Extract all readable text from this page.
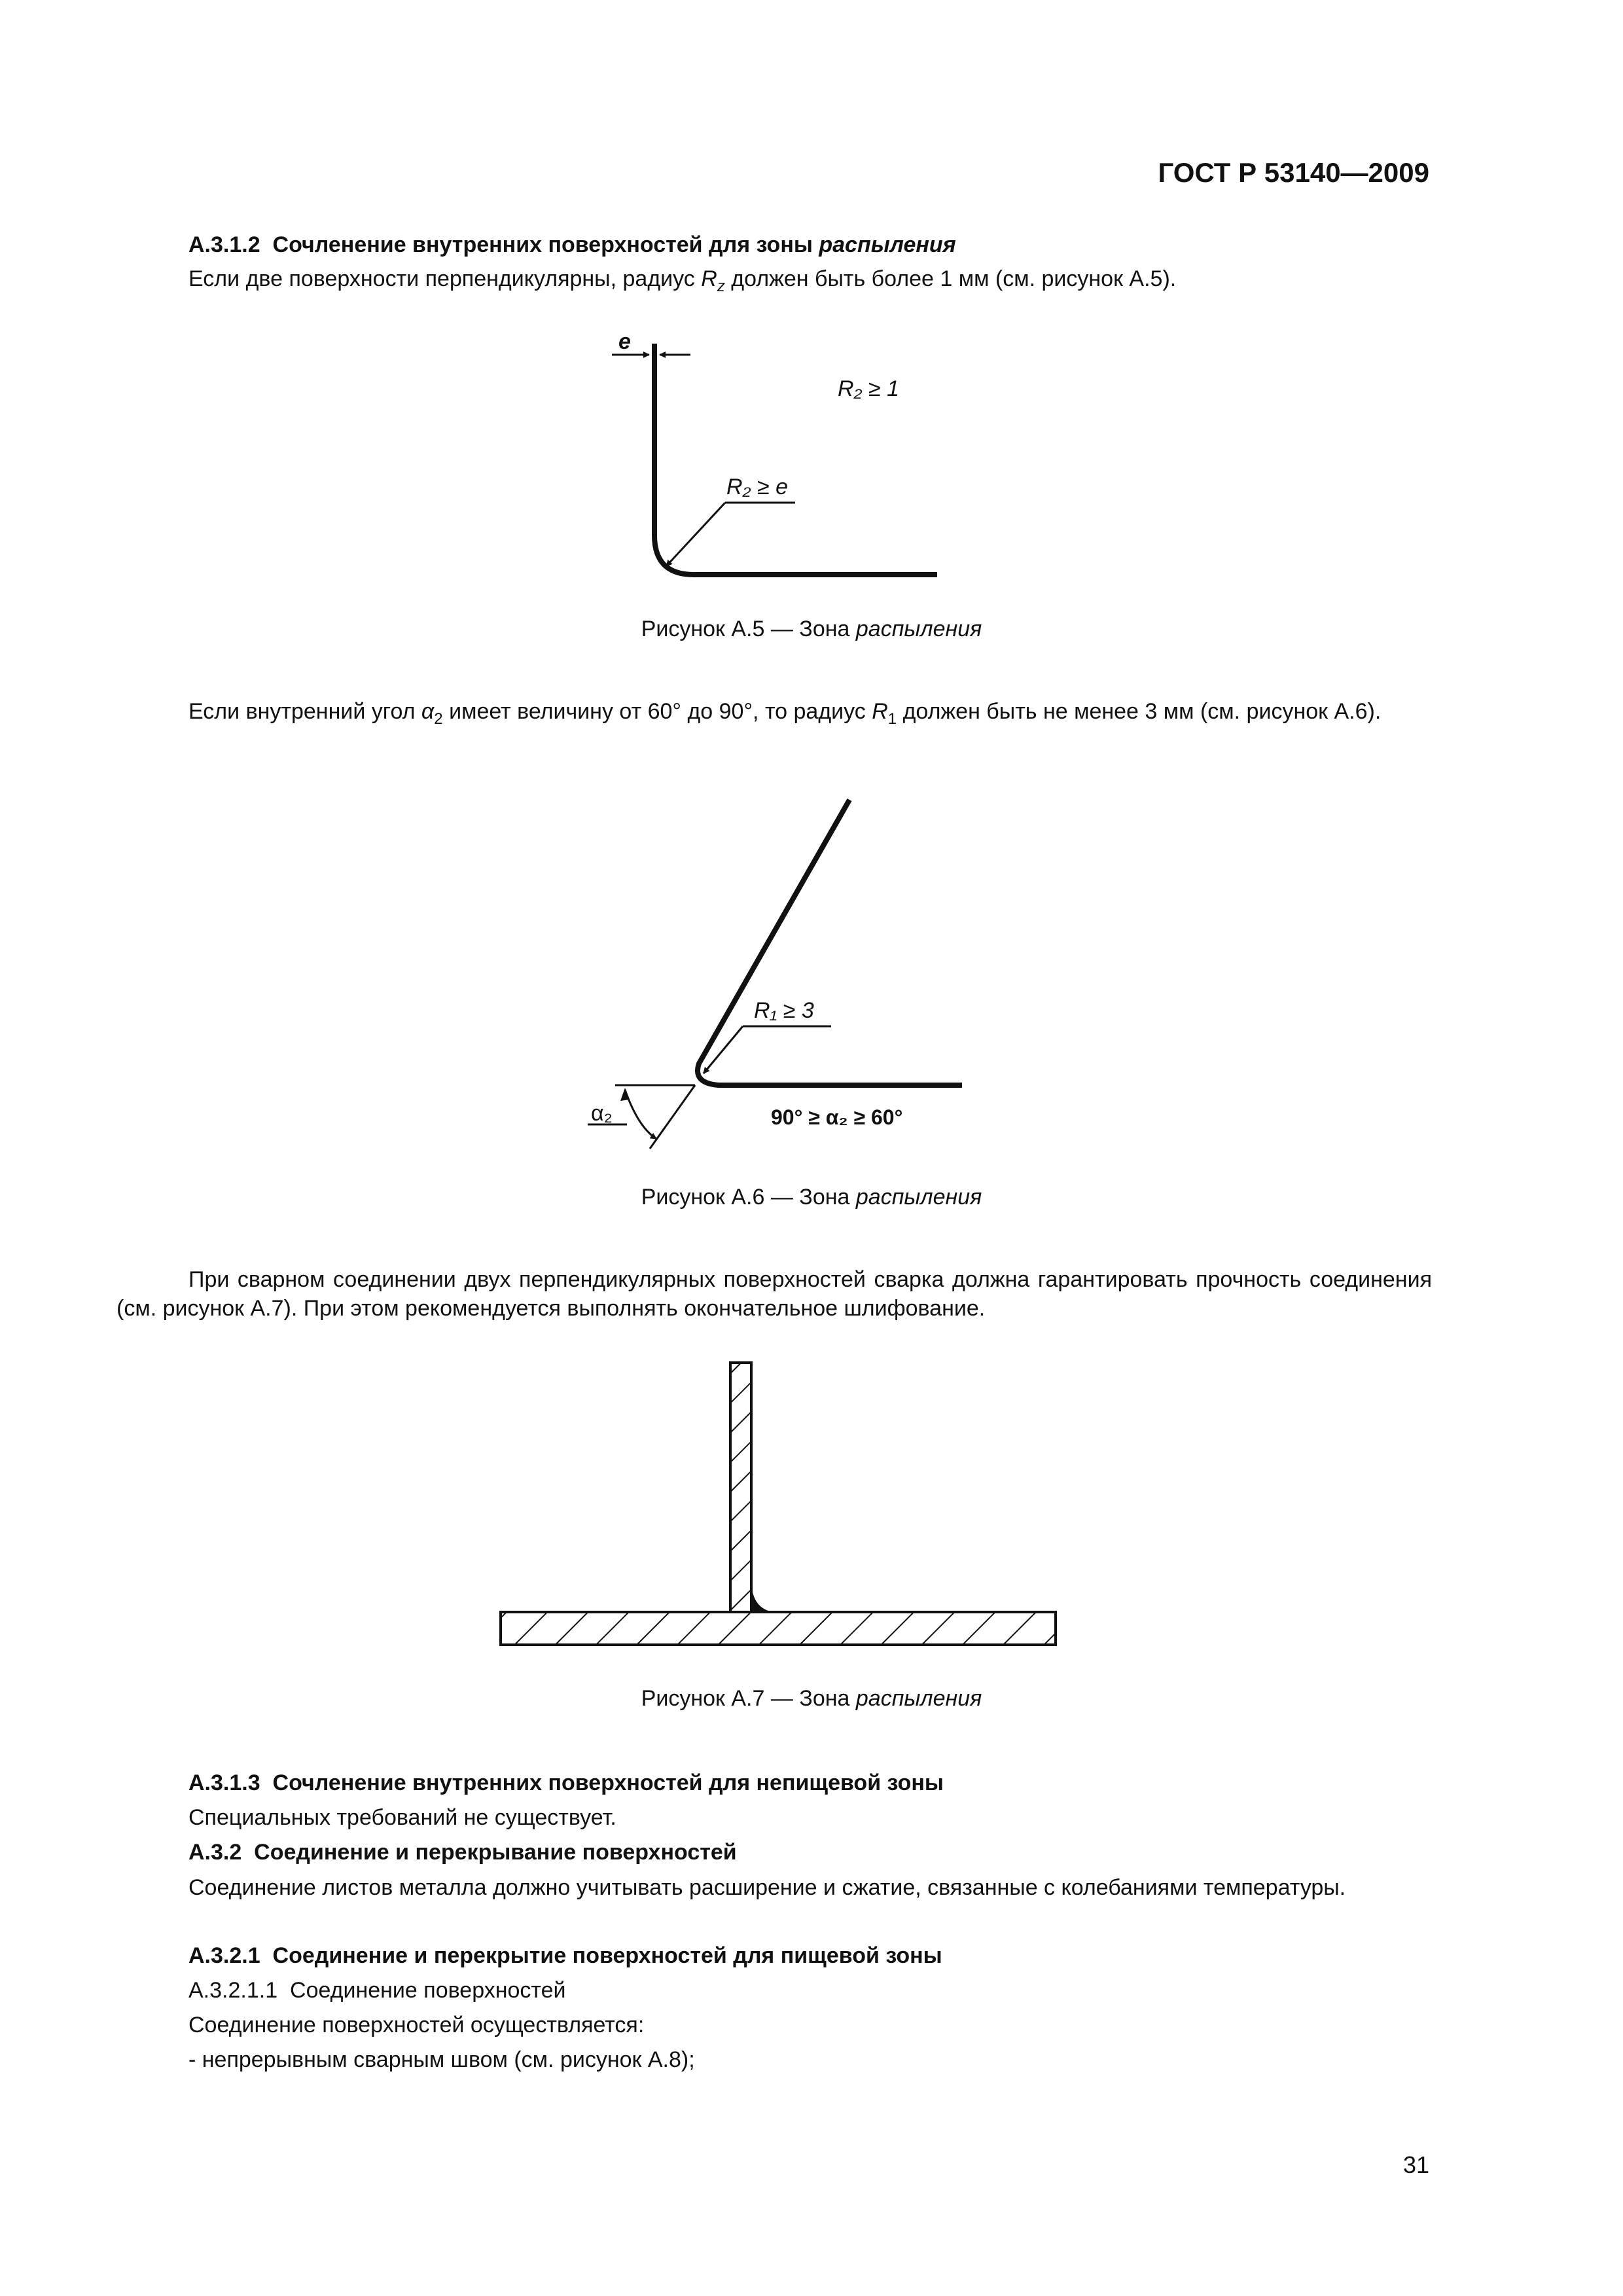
ГОСТ Р 53140—2009
А.3.1.2 Сочленение внутренних поверхностей для зоны распыления
Если две поверхности перпендикулярны, радиус $R_z$ должен быть более 1 мм (см. рисунок А.5).
e
R₂ ≥ 1
R₂ ≥ e
Рисунок А.5 — Зона распыления
Если внутренний угол $\alpha_2$ имеет величину от 60° до 90°, то радиус $R_1$ должен быть не менее 3 мм (см. рисунок А.6).
α₂
R₁ ≥ 3
90° ≥ α₂ ≥ 60°
Рисунок А.6 — Зона распыления
При сварном соединении двух перпендикулярных поверхностей сварка должна гарантировать прочность соединения (см. рисунок А.7). При этом рекомендуется выполнять окончательное шлифование.
Рисунок А.7 — Зона распыления
А.3.1.3 Сочленение внутренних поверхностей для непищевой зоны
Специальных требований не существует.
А.3.2 Соединение и перекрывание поверхностей
Соединение листов металла должно учитывать расширение и сжатие, связанные с колебаниями температуры.
А.3.2.1 Соединение и перекрытие поверхностей для пищевой зоны
А.3.2.1.1 Соединение поверхностей
Соединение поверхностей осуществляется:
- непрерывным сварным швом (см. рисунок А.8);
31
